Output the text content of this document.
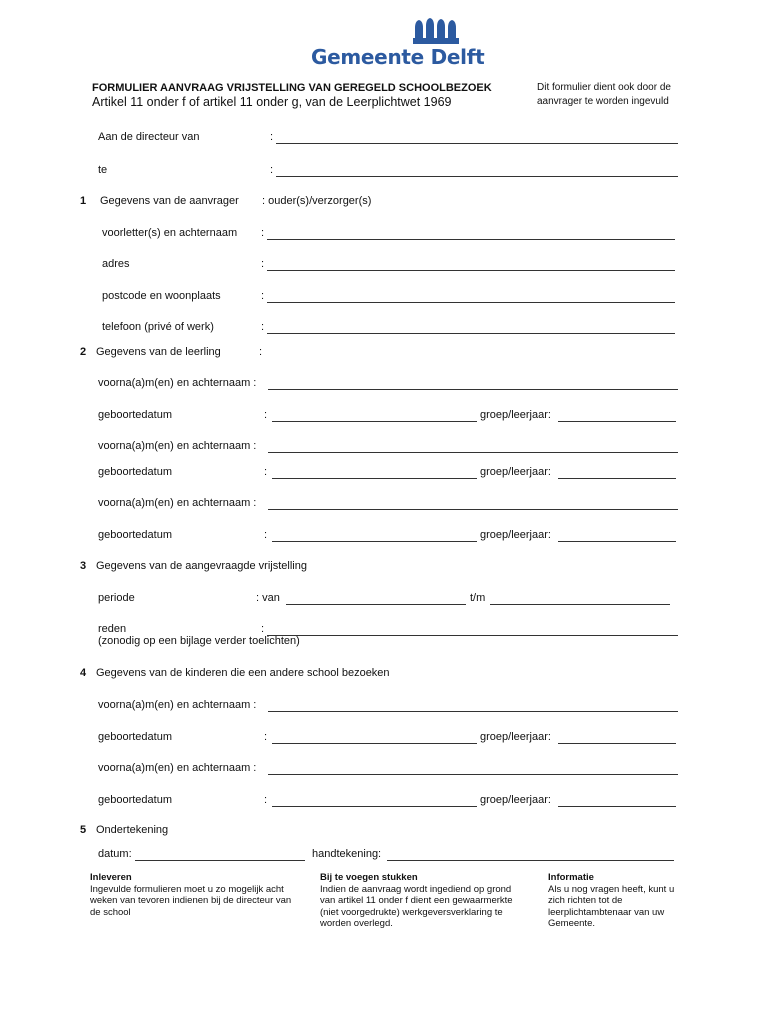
Gemeente Delft
FORMULIER AANVRAAG VRIJSTELLING VAN GEREGELD SCHOOLBEZOEK
Artikel 11 onder f of artikel 11 onder g, van de Leerplichtwet 1969
Dit formulier dient ook door de
aanvrager te worden ingevuld
Aan de directeur van	:
te	:
1 Gegevens van de aanvrager : ouder(s)/verzorger(s)
voorletter(s) en achternaam :
adres	:
postcode en woonplaats	:
telefoon (privé of werk)	:
2 Gegevens van de leerling	:
voorna(a)m(en) en achternaam :
geboortedatum	:	groep/leerjaar:
voorna(a)m(en) en achternaam :
geboortedatum	:	groep/leerjaar:
voorna(a)m(en) en achternaam :
geboortedatum	:	groep/leerjaar:
3 Gegevens van de aangevraagde vrijstelling
periode	: van	t/m
reden	:
(zonodig op een bijlage verder toelichten)
4 Gegevens van de kinderen die een andere school bezoeken
voorna(a)m(en) en achternaam :
geboortedatum	:	groep/leerjaar:
voorna(a)m(en) en achternaam :
geboortedatum	:	groep/leerjaar:
5 Ondertekening
datum:	handtekening:
Inleveren
Ingevulde formulieren moet u zo mogelijk acht weken van tevoren indienen bij de directeur van de school
Bij te voegen stukken
Indien de aanvraag wordt ingediend op grond van artikel 11 onder f dient een gewaarmerkte (niet voorgedrukte) werkgeversverklaring te worden overlegd.
Informatie
Als u nog vragen heeft, kunt u zich richten tot de leerplichtambtenaar van uw Gemeente.
